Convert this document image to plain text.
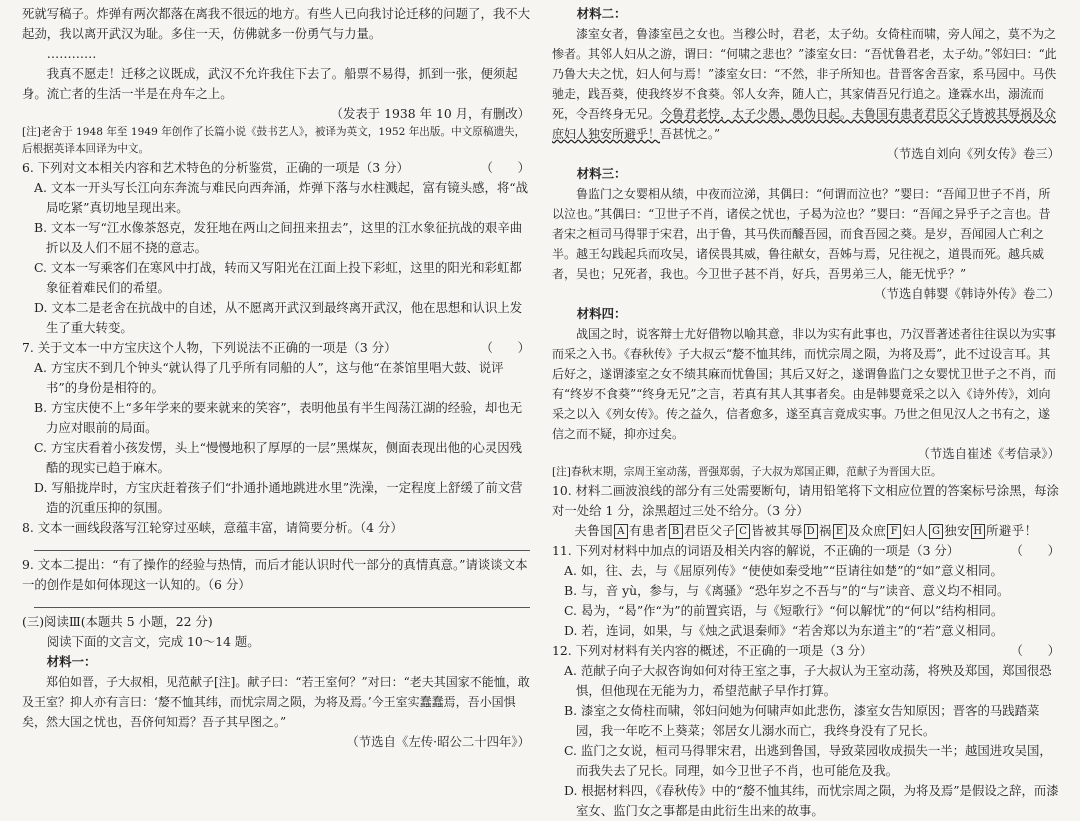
死就写稿子。炸弹有两次都落在离我不很远的地方。有些人已向我讨论迁移的问题了，我不大起劲，我以离开武汉为耻。多住一天，仿佛就多一份勇气与力量。

…………

我真不愿走！迁移之议既成，武汉不允许我住下去了。船票不易得，抓到一张，便须起身。流亡者的生活一半是在舟车之上。

（发表于 1938 年 10 月，有删改）

[注]老舍于 1948 年至 1949 年创作了长篇小说《鼓书艺人》，被译为英文，1952 年出版。中文原稿遗失，后根据英译本回译为中文。

6. 下列对文本相关内容和艺术特色的分析鉴赏，正确的一项是（3 分）	（　　）

A. 文本一开头写长江向东奔流与难民向西奔涌，炸弹下落与水柱溅起，富有镜头感，将“战局吃紧”真切地呈现出来。

B. 文本一写“江水像茶怒克，发狂地在两山之间扭来扭去”，这里的江水象征抗战的艰辛曲折以及人们不屈不挠的意志。

C. 文本一写乘客们在寒风中打战，转而又写阳光在江面上投下彩虹，这里的阳光和彩虹都象征着难民们的希望。

D. 文本二是老舍在抗战中的自述，从不愿离开武汉到最终离开武汉，他在思想和认识上发生了重大转变。

7. 关于文本一中方宝庆这个人物，下列说法不正确的一项是（3 分）	（　　）

A. 方宝庆不到几个钟头“就认得了几乎所有同船的人”，这与他“在茶馆里唱大鼓、说评书”的身份是相符的。

B. 方宝庆使不上“多年学来的要来就来的笑容”，表明他虽有半生闯荡江湖的经验，却也无力应对眼前的局面。

C. 方宝庆看着小孩发愣，头上“慢慢地积了厚厚的一层”黑煤灰，侧面表现出他的心灵因残酷的现实已趋于麻木。

D. 写船拢岸时，方宝庆赶着孩子们“扑通扑通地跳进水里”洗澡，一定程度上舒缓了前文营造的沉重压抑的氛围。

8. 文本一画线段落写江轮穿过巫峡，意蕴丰富，请简要分析。（4 分）

9. 文本二提出：“有了操作的经验与热情，而后才能认识时代一部分的真情真意。”请谈谈文本一的创作是如何体现这一认知的。（6 分）

(三)阅读Ⅲ(本题共 5 小题，22 分)

阅读下面的文言文，完成 10～14 题。

材料一：

郑伯如晋，子大叔相，见范献子[注]。献子曰：“若王室何？”对曰：“老夫其国家不能恤，敢及王室？抑人亦有言曰：‘嫠不恤其纬，而忧宗周之陨，为将及焉。’今王室实蠢蠢焉，吾小国惧矣，然大国之忧也，吾侪何知焉？吾子其早图之。”

（节选自《左传·昭公二十四年》）

材料二：

漆室女者，鲁漆室邑之女也。当穆公时，君老，太子幼。女倚柱而啸，旁人闻之，莫不为之惨者。其邻人妇从之游，谓曰：“何啸之悲也？”漆室女曰：“吾忧鲁君老，太子幼。”邻妇曰：“此乃鲁大夫之忧，妇人何与焉！”漆室女曰：“不然，非子所知也。昔晋客舍吾家，系马园中。马佚驰走，践吾葵，使我终岁不食葵。邻人女奔，随人亡，其家倩吾兄行追之。逢霖水出，溺流而死，令吾终身无兄。今鲁君老悖，太子少愚，愚伪日起。夫鲁国有患者君臣父子皆被其辱祸及众庶妇人独安所避乎！吾甚忧之。”

（节选自刘向《列女传》卷三）

材料三：

鲁监门之女婴相从绩，中夜而泣涕，其偶曰：“何谓而泣也？”婴曰：“吾闻卫世子不肖，所以泣也。”其偶曰：“卫世子不肖，诸侯之忧也，子曷为泣也？”婴曰：“吾闻之异乎子之言也。昔者宋之桓司马得罪于宋君，出于鲁，其马佚而醵吾园，而食吾园之葵。是岁，吾闻园人亡利之半。越王勾践起兵而攻吴，诸侯畏其威，鲁往献女，吾姊与焉，兄往视之，道畏而死。越兵威者，吴也；兄死者，我也。今卫世子甚不肖，好兵，吾男弟三人，能无忧乎？”

（节选自韩婴《韩诗外传》卷二）

材料四：

战国之时，说客辩士尤好借物以喻其意，非以为实有此事也，乃汉晋著述者往往误以为实事而采之入书。《春秋传》子大叔云“嫠不恤其纬，而忧宗周之陨，为将及焉”，此不过设言耳。其后好之，遂谓漆室之女不绩其麻而忧鲁国；其后又好之，遂谓鲁监门之女婴忧卫世子之不肖，而有“终岁不食葵”“终身无兄”之言，若真有其人其事者矣。由是韩婴竟采之以入《诗外传》，刘向采之以入《列女传》。传之益久，信者愈多，遂至真言竟成实事。乃世之但见汉人之书有之，遂信之而不疑，抑亦过矣。

（节选自崔述《考信录》）

[注]春秋末期，宗周王室动荡，晋强郑弱，子大叔为郑国正卿，范献子为晋国大臣。

10. 材料二画波浪线的部分有三处需要断句，请用铅笔将下文相应位置的答案标号涂黑，每涂对一处给 1 分，涂黑超过三处不给分。（3 分）

夫鲁国 A 有患者 B 君臣父子 C 皆被其辱 D 祸 E 及众庶 F 妇人 G 独安 H 所避乎！

11. 下列对材料中加点的词语及相关内容的解说，不正确的一项是（3 分）	（　　）

A. 如，往、去，与《屈原列传》“使使如秦受地”“臣请往如楚”的“如”意义相同。

B. 与，音 yù，参与，与《离骚》“恐年岁之不吾与”的“与”读音、意义均不相同。

C. 曷为，“曷”作“为”的前置宾语，与《短歌行》“何以解忧”的“何以”结构相同。

D. 若，连词，如果，与《烛之武退秦师》“若舍郑以为东道主”的“若”意义相同。

12. 下列对材料有关内容的概述，不正确的一项是（3 分）	（　　）

A. 范献子向子大叔咨询如何对待王室之事，子大叔认为王室动荡，将殃及郑国，郑国很恐惧，但他现在无能为力，希望范献子早作打算。

B. 漆室之女倚柱而啸，邻妇问她为何啸声如此悲伤，漆室女告知原因；晋客的马践踏菜园，我一年吃不上葵菜；邻居女儿溺水而亡，我终身没有了兄长。

C. 监门之女说，桓司马得罪宋君，出逃到鲁国，导致菜园收成损失一半；越国进攻吴国，而我失去了兄长。同理，如今卫世子不肖，也可能危及我。

D. 根据材料四，《春秋传》中的“嫠不恤其纬，而忧宗周之陨，为将及焉”是假设之辞，而漆室女、监门女之事都是由此衍生出来的故事。
